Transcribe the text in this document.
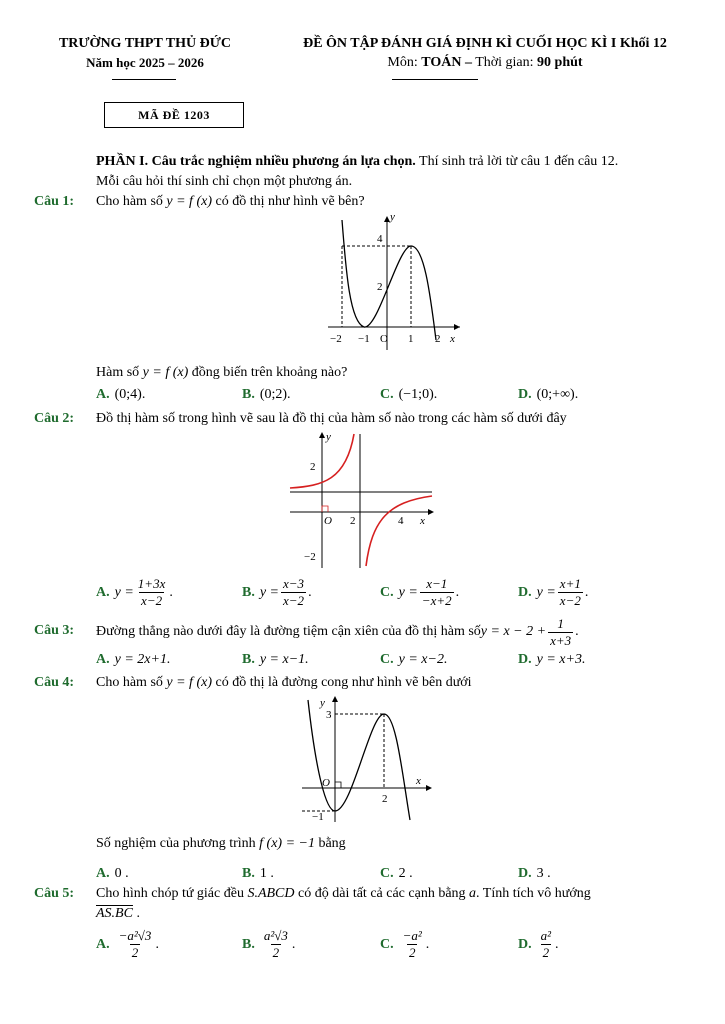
TRƯỜNG THPT THỦ ĐỨC
Năm học 2025 – 2026
ĐỀ ÔN TẬP ĐÁNH GIÁ ĐỊNH KÌ CUỐI HỌC KÌ I Khối 12
Môn: TOÁN – Thời gian: 90 phút
MÃ ĐỀ 1203
PHẦN I. Câu trắc nghiệm nhiều phương án lựa chọn. Thí sinh trả lời từ câu 1 đến câu 12.
Mỗi câu hỏi thí sinh chỉ chọn một phương án.
Câu 1: Cho hàm số y = f (x) có đồ thị như hình vẽ bên?
y
x
4
2
−2 −1 O 1 2
Hàm số y = f (x) đồng biến trên khoảng nào?
A. (0;4).	B. (0;2).	C. (−1;0).	D. (0;+∞).
Câu 2: Đồ thị hàm số trong hình vẽ sau là đồ thị của hàm số nào trong các hàm số dưới đây
y
x
2
−2
O 2	4
A. $y = \frac{1+3x}{x-2}$ .	B. $y = \frac{x-3}{x-2}$ .	C. $y = \frac{x-1}{-x+2}$ .	D. $y = \frac{x+1}{x-2}$ .
Câu 3: Đường thẳng nào dưới đây là đường tiệm cận xiên của đồ thị hàm số $y = x - 2 + \frac{1}{x+3}$ .
A. y = 2x+1.	B. y = x−1.	C. y = x−2.	D. y = x+3.
Câu 4: Cho hàm số y = f (x) có đồ thị là đường cong như hình vẽ bên dưới
y
x
3
−1
O
2
Số nghiệm của phương trình f (x) = −1 bằng
A. 0 .	B. 1 .	C. 2 .	D. 3 .
Câu 5: Cho hình chóp tứ giác đều S.ABCD có độ dài tất cả các cạnh bằng a. Tính tích vô hướng
AS.BC .
A. $\frac{\text{−a²√3}}{2}$ .	B. $\frac{\text{a²√3}}{2}$ .	C. $\frac{\text{−a²}}{2}$ .	D. $\frac{\text{a²}}{2}$ .
